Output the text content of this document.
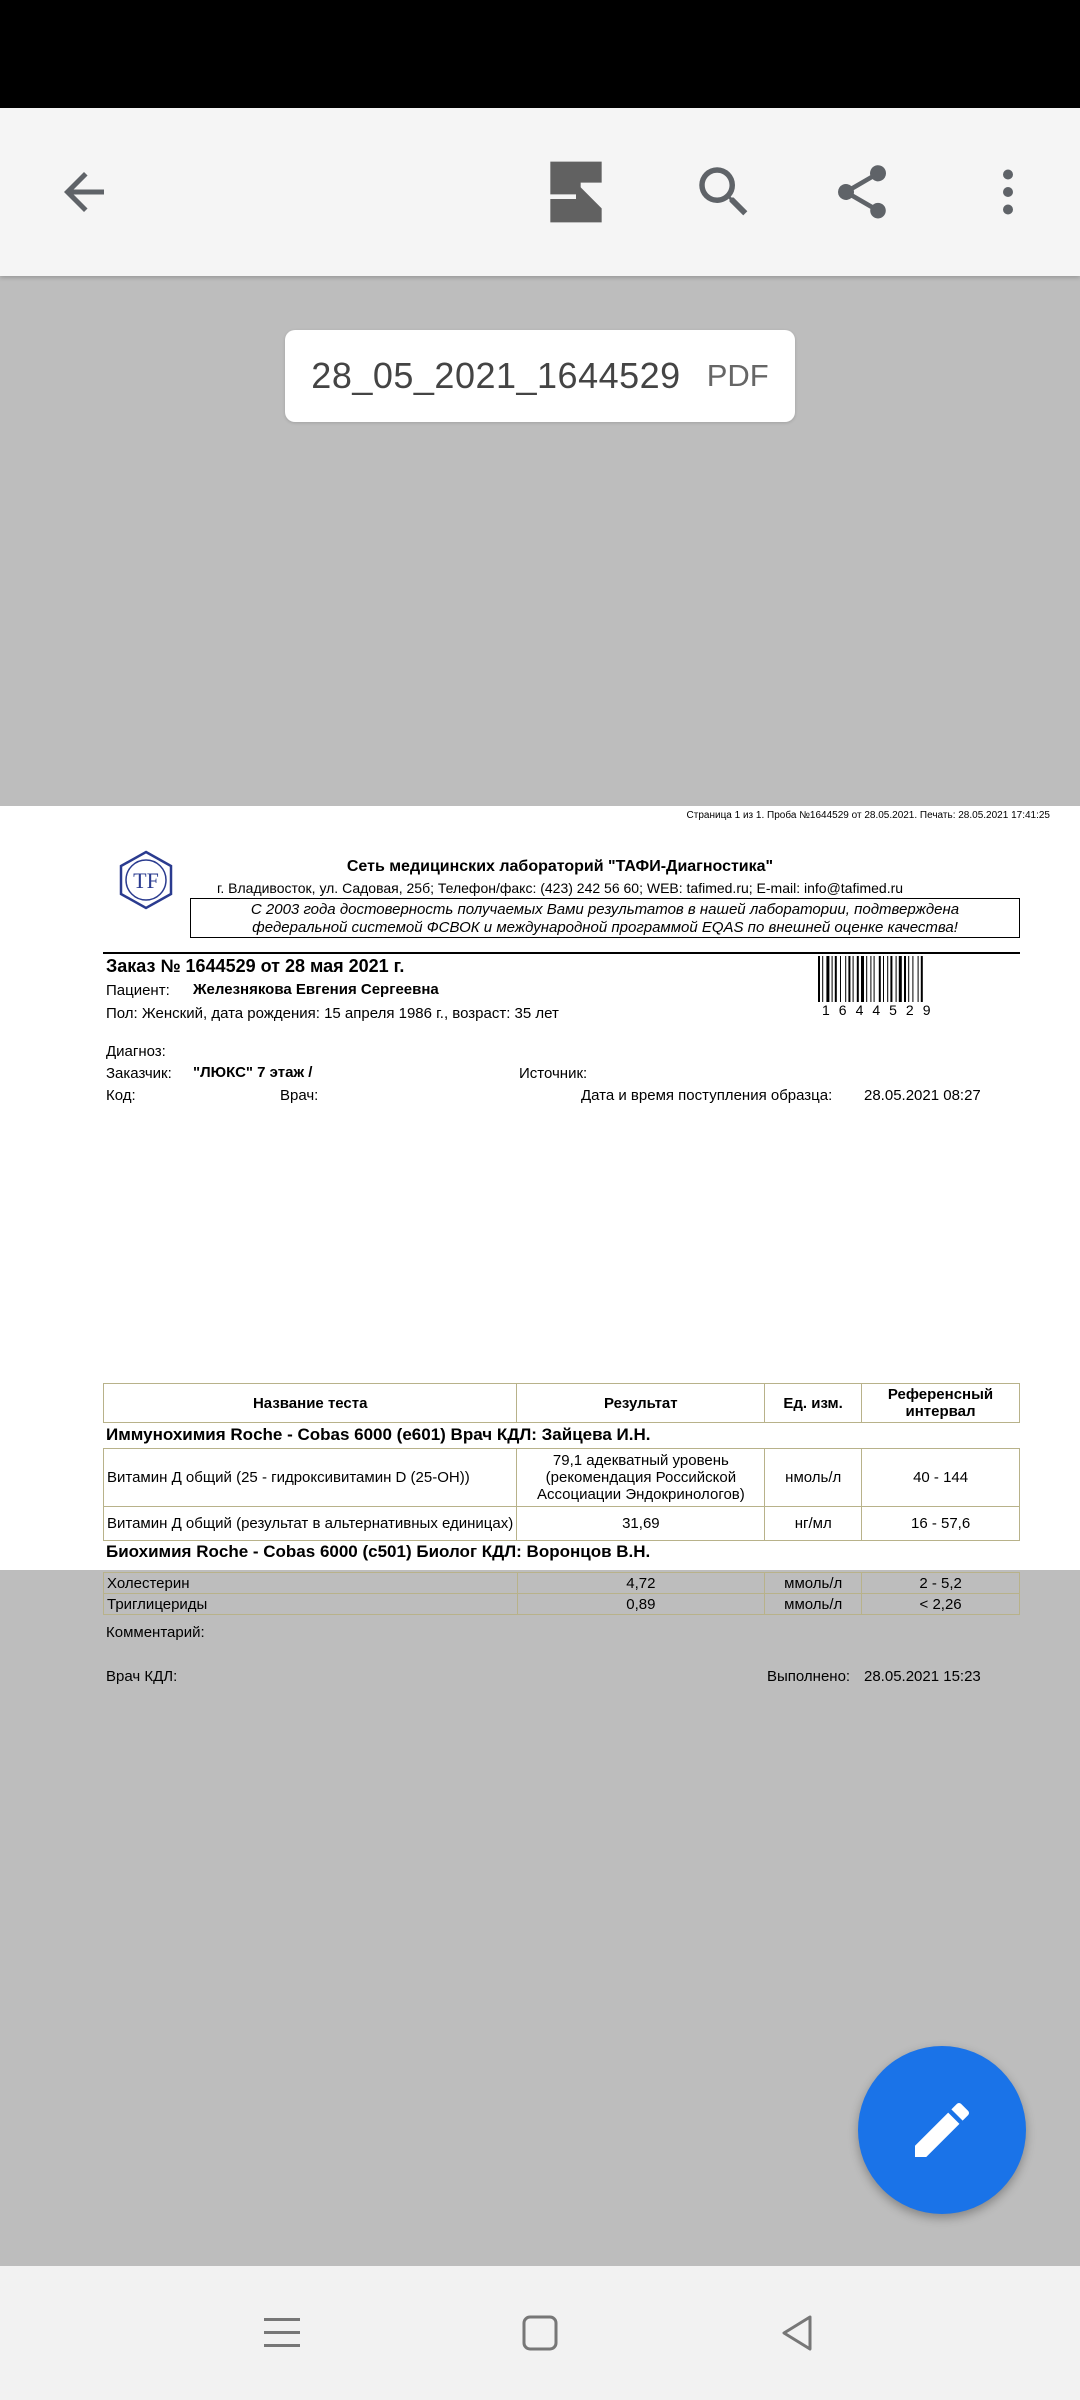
28_05_2021_1644529 PDF
Страница 1 из 1. Проба №1644529 от 28.05.2021. Печать: 28.05.2021 17:41:25
TF
Сеть медицинских лабораторий "ТАФИ-Диагностика"
г. Владивосток, ул. Садовая, 25б; Телефон/факс: (423) 242 56 60; WEB: tafimed.ru; E-mail: info@tafimed.ru
С 2003 года достоверность получаемых Вами результатов в нашей лаборатории, подтверждена
федеральной системой ФСВОК и международной программой EQAS по внешней оценке качества!
Заказ № 1644529 от 28 мая 2021 г.
1644529
Пациент: Железнякова Евгения Сергеевна
Пол: Женский, дата рождения: 15 апреля 1986 г., возраст: 35 лет
Диагноз:
Заказчик: "ЛЮКС" 7 этаж /	Источник:
Код:	Врач:	Дата и время поступления образца: 28.05.2021 08:27
Название теста	Результат	Ед. изм.	Референсный интервал
Иммунохимия Roche - Cobas 6000 (e601) Врач КДЛ: Зайцева И.Н.
Витамин Д общий (25 - гидроксивитамин D (25-OH))	79,1 адекватный уровень (рекомендация Российской Ассоциации Эндокринологов)	нмоль/л	40 - 144
Витамин Д общий (результат в альтернативных единицах)	31,69	нг/мл	16 - 57,6
Биохимия Roche - Cobas 6000 (c501) Биолог КДЛ: Воронцов В.Н.
Холестерин	4,72	ммоль/л	2 - 5,2
Триглицериды	0,89	ммоль/л	< 2,26
Комментарий:
Врач КДЛ:	Выполнено: 28.05.2021 15:23
